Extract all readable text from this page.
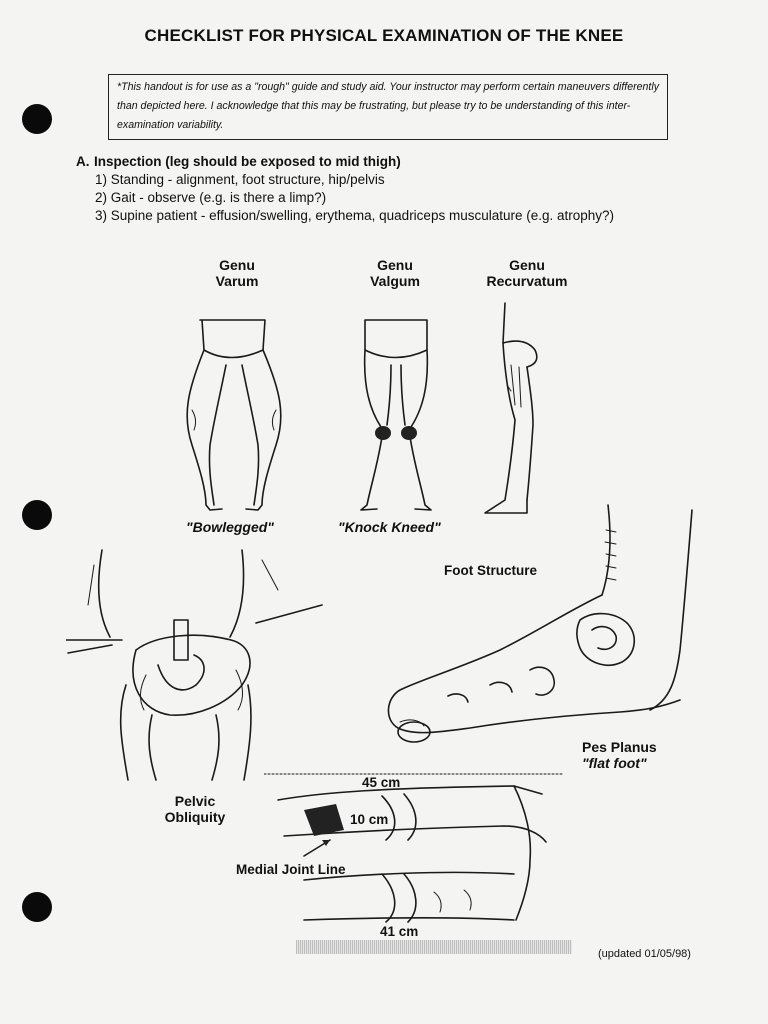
CHECKLIST FOR PHYSICAL EXAMINATION OF THE KNEE
*This handout is for use as a "rough" guide and study aid. Your instructor may perform certain maneuvers differently than depicted here. I acknowledge that this may be frustrating, but please try to be understanding of this inter-examination variability.
A. Inspection (leg should be exposed to mid thigh)
1) Standing - alignment, foot structure, hip/pelvis
2) Gait - observe (e.g. is there a limp?)
3) Supine patient - effusion/swelling, erythema, quadriceps musculature (e.g. atrophy?)
Genu
Varum
Genu
Valgum
Genu
Recurvatum
"Bowlegged"	"Knock Kneed"
Pelvic
Obliquity
Foot Structure
Pes Planus
"flat foot"
45 cm
10 cm
Medial Joint Line
41 cm
(updated 01/05/98)
